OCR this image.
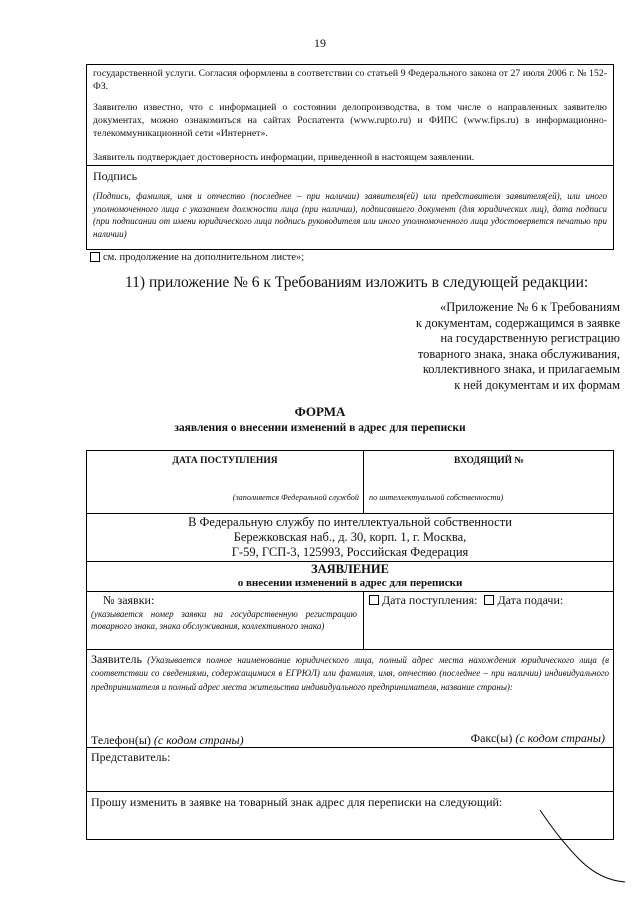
19
государственной услуги. Согласия оформлены в соответствии со статьей 9 Федерального закона от 27 июля 2006 г. № 152-ФЗ.
Заявителю известно, что с информацией о состоянии делопроизводства, в том числе о направленных заявителю документах, можно ознакомиться на сайтах Роспатента (www.rupto.ru) и ФИПС (www.fips.ru) в информационно-телекоммуникационной сети «Интернет».
Заявитель подтверждает достоверность информации, приведенной в настоящем заявлении.
Подпись
(Подпись, фамилия, имя и отчество (последнее – при наличии) заявителя(ей) или представителя заявителя(ей), или иного уполномоченного лица с указанием должности лица (при наличии), подписавшего документ (для юридических лиц), дата подписи (при подписании от имени юридического лица подпись руководителя или иного уполномоченного лица удостоверяется печатью при наличии)
см. продолжение на дополнительном листе»;
11) приложение № 6 к Требованиям изложить в следующей редакции:
«Приложение № 6 к Требованиям
к документам, содержащимся в заявке
на государственную регистрацию
товарного знака, знака обслуживания,
коллективного знака, и прилагаемым
к ней документам и их формам
ФОРМА
заявления о внесении изменений в адрес для переписки
ДАТА ПОСТУПЛЕНИЯ
(заполняется Федеральной службой
ВХОДЯЩИЙ №
по интеллектуальной собственности)
В Федеральную службу по интеллектуальной собственности
Бережковская наб., д. 30, корп. 1, г. Москва,
Г-59, ГСП-3, 125993, Российская Федерация
ЗАЯВЛЕНИЕ
о внесении изменений в адрес для переписки
№ заявки:
(указывается номер заявки на государственную регистрацию товарного знака, знака обслуживания, коллективного знака)
Дата поступления: Дата подачи:
Заявитель (Указывается полное наименование юридического лица, полный адрес места нахождения юридического лица (в соответствии со сведениями, содержащимися в ЕГРЮЛ) или фамилия, имя, отчество (последнее – при наличии) индивидуального предпринимателя и полный адрес места жительства индивидуального предпринимателя, название страны):
Телефон(ы) (с кодом страны)	Факс(ы) (с кодом страны)
Представитель:
Прошу изменить в заявке на товарный знак адрес для переписки на следующий:
